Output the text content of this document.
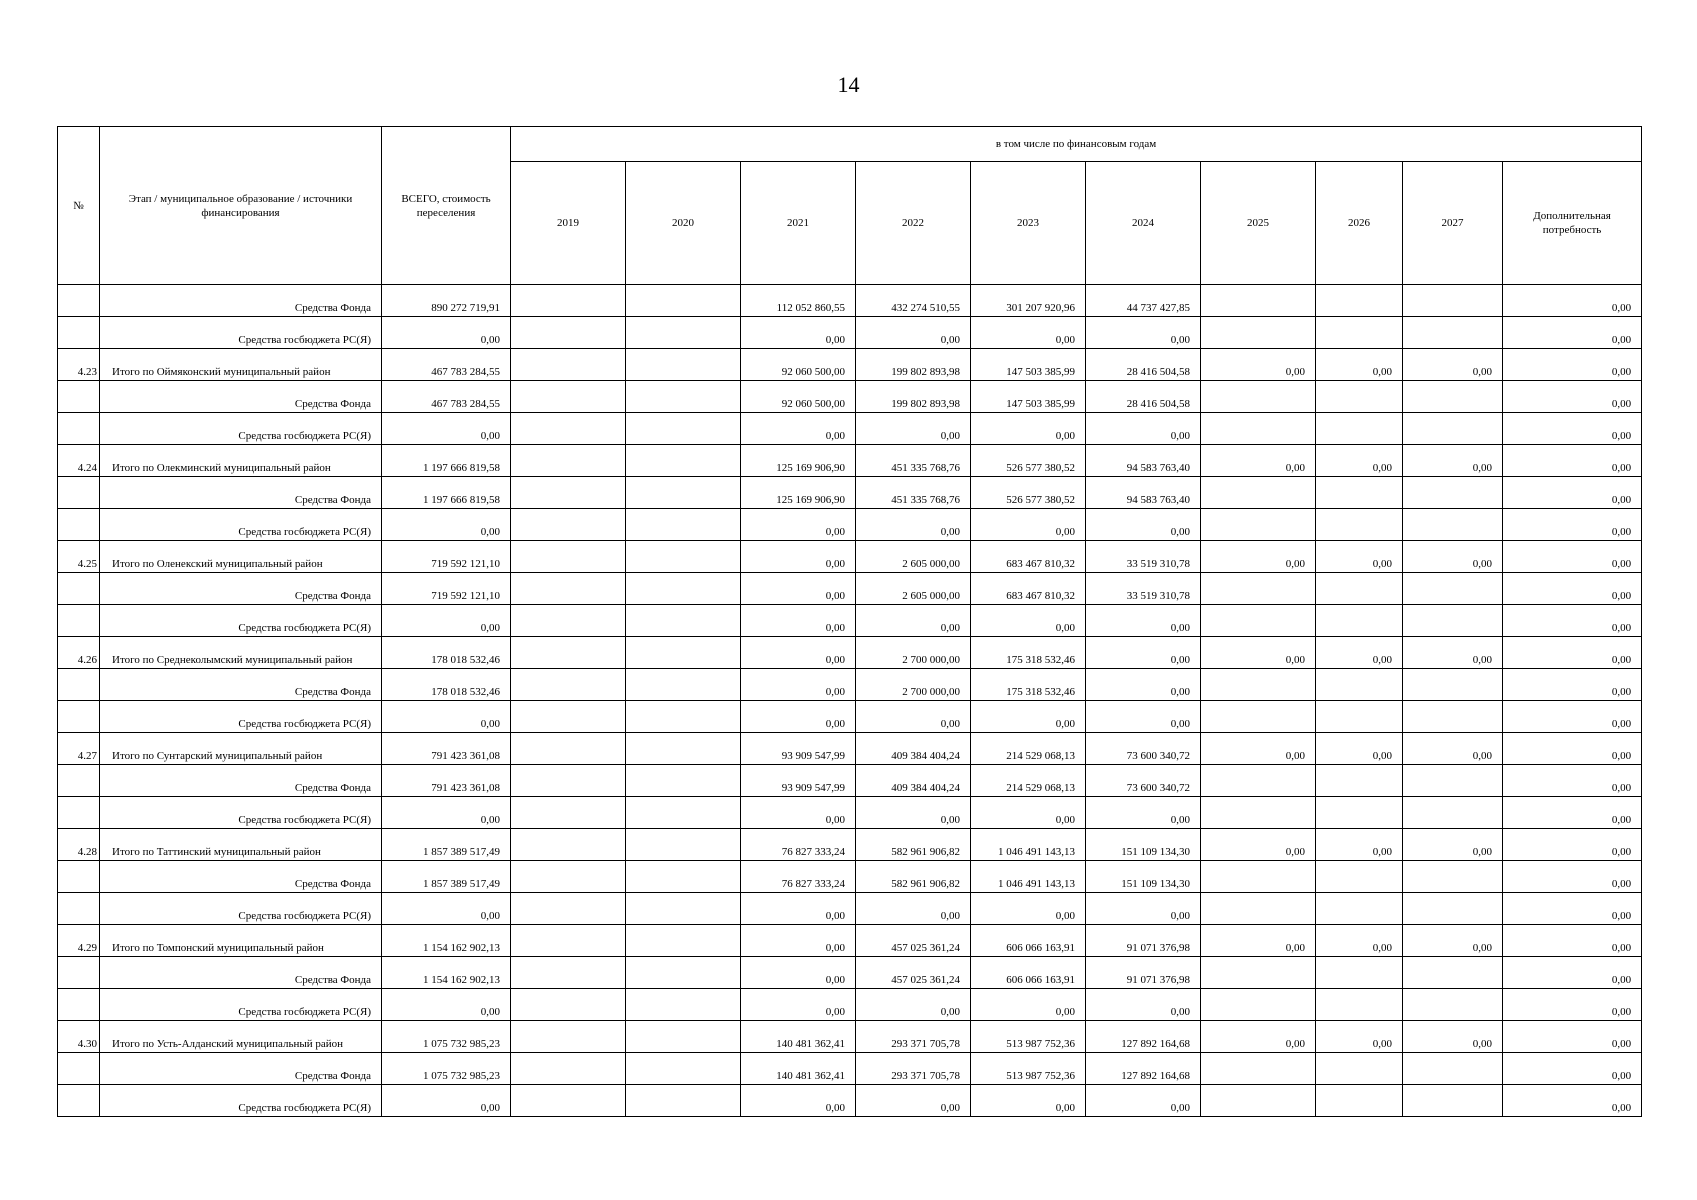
14
№	Этап / муниципальное образование / источники финансирования	ВСЕГО, стоимость переселения	в том числе по финансовым годам									
			2019	2020	2021	2022	2023	2024	2025	2026	2027	Дополнительная потребность
	Средства Фонда	890 272 719,91			112 052 860,55	432 274 510,55	301 207 920,96	44 737 427,85				0,00
	Средства госбюджета РС(Я)	0,00			0,00	0,00	0,00	0,00				0,00
4.23	Итого по Оймяконский муниципальный район	467 783 284,55			92 060 500,00	199 802 893,98	147 503 385,99	28 416 504,58	0,00	0,00	0,00	0,00
	Средства Фонда	467 783 284,55			92 060 500,00	199 802 893,98	147 503 385,99	28 416 504,58				0,00
	Средства госбюджета РС(Я)	0,00			0,00	0,00	0,00	0,00				0,00
4.24	Итого по Олекминский муниципальный район	1 197 666 819,58			125 169 906,90	451 335 768,76	526 577 380,52	94 583 763,40	0,00	0,00	0,00	0,00
	Средства Фонда	1 197 666 819,58			125 169 906,90	451 335 768,76	526 577 380,52	94 583 763,40				0,00
	Средства госбюджета РС(Я)	0,00			0,00	0,00	0,00	0,00				0,00
4.25	Итого по Оленекский муниципальный район	719 592 121,10			0,00	2 605 000,00	683 467 810,32	33 519 310,78	0,00	0,00	0,00	0,00
	Средства Фонда	719 592 121,10			0,00	2 605 000,00	683 467 810,32	33 519 310,78				0,00
	Средства госбюджета РС(Я)	0,00			0,00	0,00	0,00	0,00				0,00
4.26	Итого по Среднеколымский муниципальный район	178 018 532,46			0,00	2 700 000,00	175 318 532,46	0,00	0,00	0,00	0,00	0,00
	Средства Фонда	178 018 532,46			0,00	2 700 000,00	175 318 532,46	0,00				0,00
	Средства госбюджета РС(Я)	0,00			0,00	0,00	0,00	0,00				0,00
4.27	Итого по Сунтарский муниципальный район	791 423 361,08			93 909 547,99	409 384 404,24	214 529 068,13	73 600 340,72	0,00	0,00	0,00	0,00
	Средства Фонда	791 423 361,08			93 909 547,99	409 384 404,24	214 529 068,13	73 600 340,72				0,00
	Средства госбюджета РС(Я)	0,00			0,00	0,00	0,00	0,00				0,00
4.28	Итого по Таттинский муниципальный район	1 857 389 517,49			76 827 333,24	582 961 906,82	1 046 491 143,13	151 109 134,30	0,00	0,00	0,00	0,00
	Средства Фонда	1 857 389 517,49			76 827 333,24	582 961 906,82	1 046 491 143,13	151 109 134,30				0,00
	Средства госбюджета РС(Я)	0,00			0,00	0,00	0,00	0,00				0,00
4.29	Итого по Томпонский муниципальный район	1 154 162 902,13			0,00	457 025 361,24	606 066 163,91	91 071 376,98	0,00	0,00	0,00	0,00
	Средства Фонда	1 154 162 902,13			0,00	457 025 361,24	606 066 163,91	91 071 376,98				0,00
	Средства госбюджета РС(Я)	0,00			0,00	0,00	0,00	0,00				0,00
4.30	Итого по Усть-Алданский муниципальный район	1 075 732 985,23			140 481 362,41	293 371 705,78	513 987 752,36	127 892 164,68	0,00	0,00	0,00	0,00
	Средства Фонда	1 075 732 985,23			140 481 362,41	293 371 705,78	513 987 752,36	127 892 164,68				0,00
	Средства госбюджета РС(Я)	0,00			0,00	0,00	0,00	0,00				0,00
